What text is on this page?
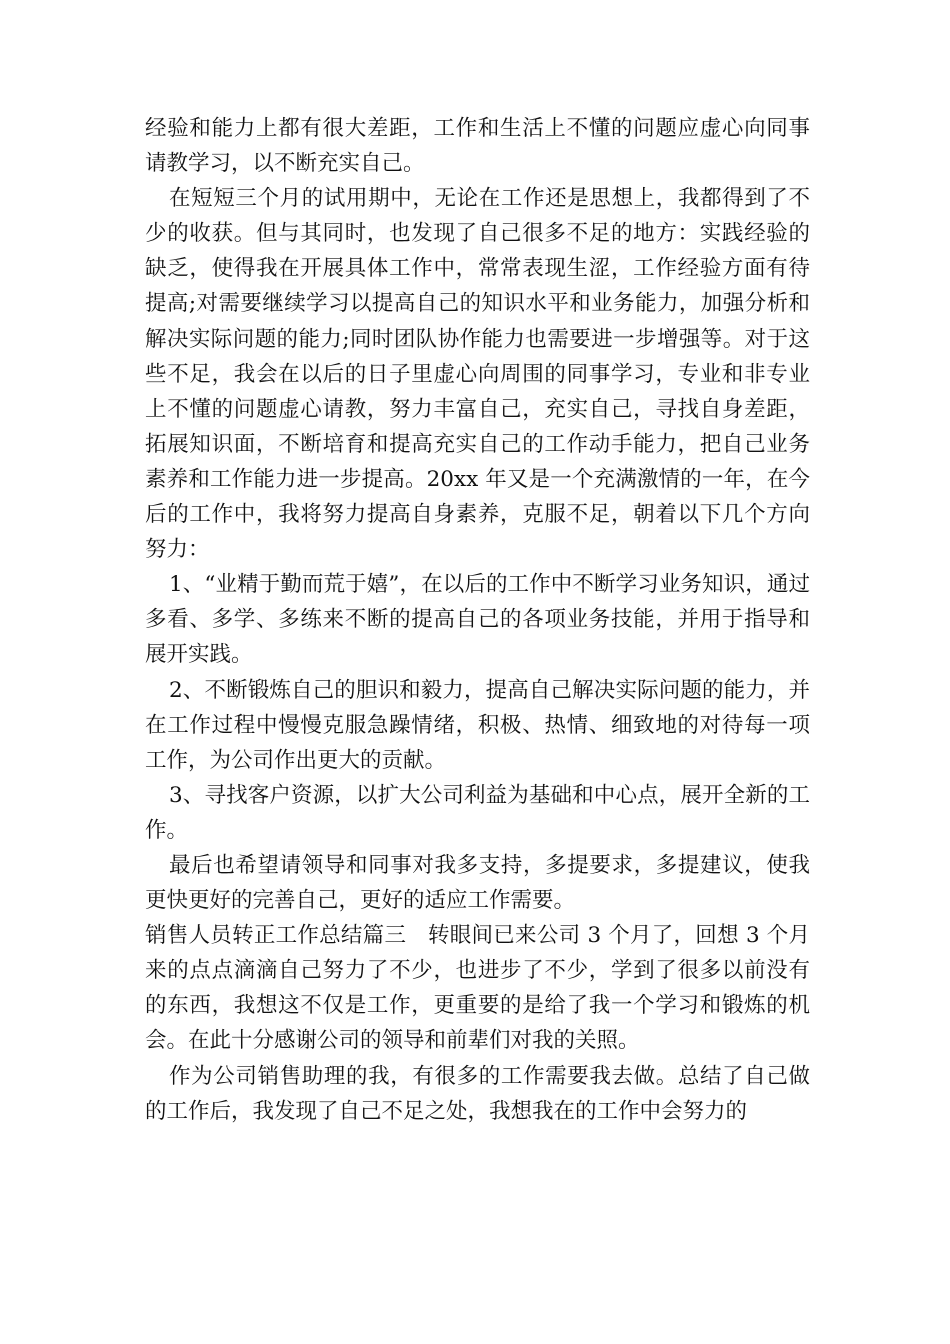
经验和能力上都有很大差距，工作和生活上不懂的问题应虚心向同事请教学习，以不断充实自己。

在短短三个月的试用期中，无论在工作还是思想上，我都得到了不少的收获。但与其同时，也发现了自己很多不足的地方：实践经验的缺乏，使得我在开展具体工作中，常常表现生涩，工作经验方面有待提高;对需要继续学习以提高自己的知识水平和业务能力，加强分析和解决实际问题的能力;同时团队协作能力也需要进一步增强等。对于这些不足，我会在以后的日子里虚心向周围的同事学习，专业和非专业上不懂的问题虚心请教，努力丰富自己，充实自己，寻找自身差距，拓展知识面，不断培育和提高充实自己的工作动手能力，把自己业务素养和工作能力进一步提高。20xx 年又是一个充满激情的一年，在今后的工作中，我将努力提高自身素养，克服不足，朝着以下几个方向努力：

1、“业精于勤而荒于嬉”，在以后的工作中不断学习业务知识，通过多看、多学、多练来不断的提高自己的各项业务技能，并用于指导和展开实践。

2、不断锻炼自己的胆识和毅力，提高自己解决实际问题的能力，并在工作过程中慢慢克服急躁情绪，积极、热情、细致地的对待每一项工作，为公司作出更大的贡献。

3、寻找客户资源，以扩大公司利益为基础和中心点，展开全新的工作。

最后也希望请领导和同事对我多支持，多提要求，多提建议，使我更快更好的完善自己，更好的适应工作需要。

销售人员转正工作总结篇三　转眼间已来公司 3 个月了，回想 3 个月来的点点滴滴自己努力了不少，也进步了不少，学到了很多以前没有的东西，我想这不仅是工作，更重要的是给了我一个学习和锻炼的机会。在此十分感谢公司的领导和前辈们对我的关照。

作为公司销售助理的我，有很多的工作需要我去做。总结了自己做的工作后，我发现了自己不足之处，我想我在的工作中会努力的
